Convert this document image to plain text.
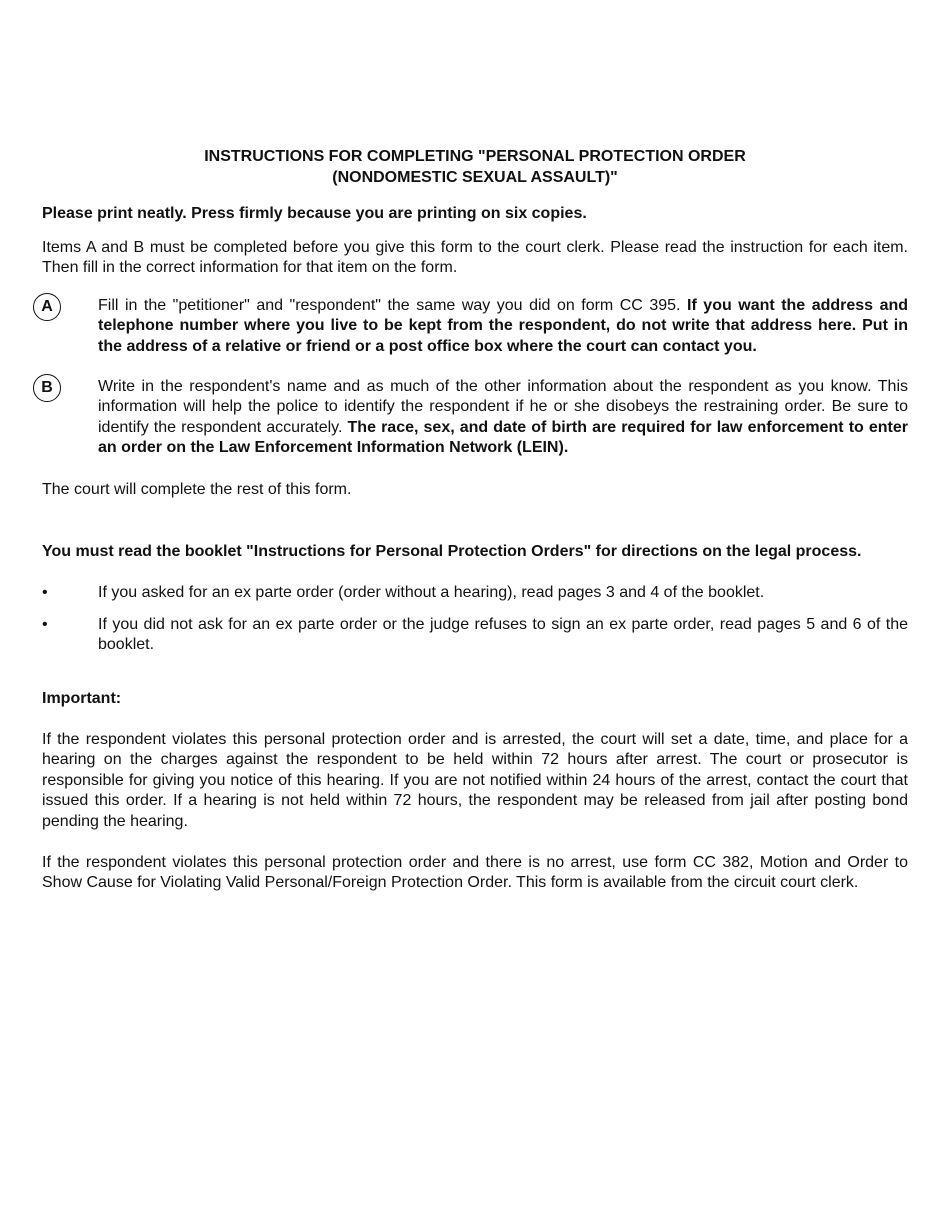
INSTRUCTIONS FOR COMPLETING "PERSONAL PROTECTION ORDER
(NONDOMESTIC SEXUAL ASSAULT)"
Please print neatly. Press firmly because you are printing on six copies.
Items A and B must be completed before you give this form to the court clerk. Please read the instruction for each item. Then fill in the correct information for that item on the form.
A	Fill in the "petitioner" and "respondent" the same way you did on form CC 395. If you want the address and telephone number where you live to be kept from the respondent, do not write that address here. Put in the address of a relative or friend or a post office box where the court can contact you.
B	Write in the respondent's name and as much of the other information about the respondent as you know. This information will help the police to identify the respondent if he or she disobeys the restraining order. Be sure to identify the respondent accurately. The race, sex, and date of birth are required for law enforcement to enter an order on the Law Enforcement Information Network (LEIN).
The court will complete the rest of this form.
You must read the booklet "Instructions for Personal Protection Orders" for directions on the legal process.
•	If you asked for an ex parte order (order without a hearing), read pages 3 and 4 of the booklet.
•	If you did not ask for an ex parte order or the judge refuses to sign an ex parte order, read pages 5 and 6 of the booklet.
Important:
If the respondent violates this personal protection order and is arrested, the court will set a date, time, and place for a hearing on the charges against the respondent to be held within 72 hours after arrest. The court or prosecutor is responsible for giving you notice of this hearing. If you are not notified within 24 hours of the arrest, contact the court that issued this order. If a hearing is not held within 72 hours, the respondent may be released from jail after posting bond pending the hearing.
If the respondent violates this personal protection order and there is no arrest, use form CC 382, Motion and Order to Show Cause for Violating Valid Personal/Foreign Protection Order. This form is available from the circuit court clerk.
